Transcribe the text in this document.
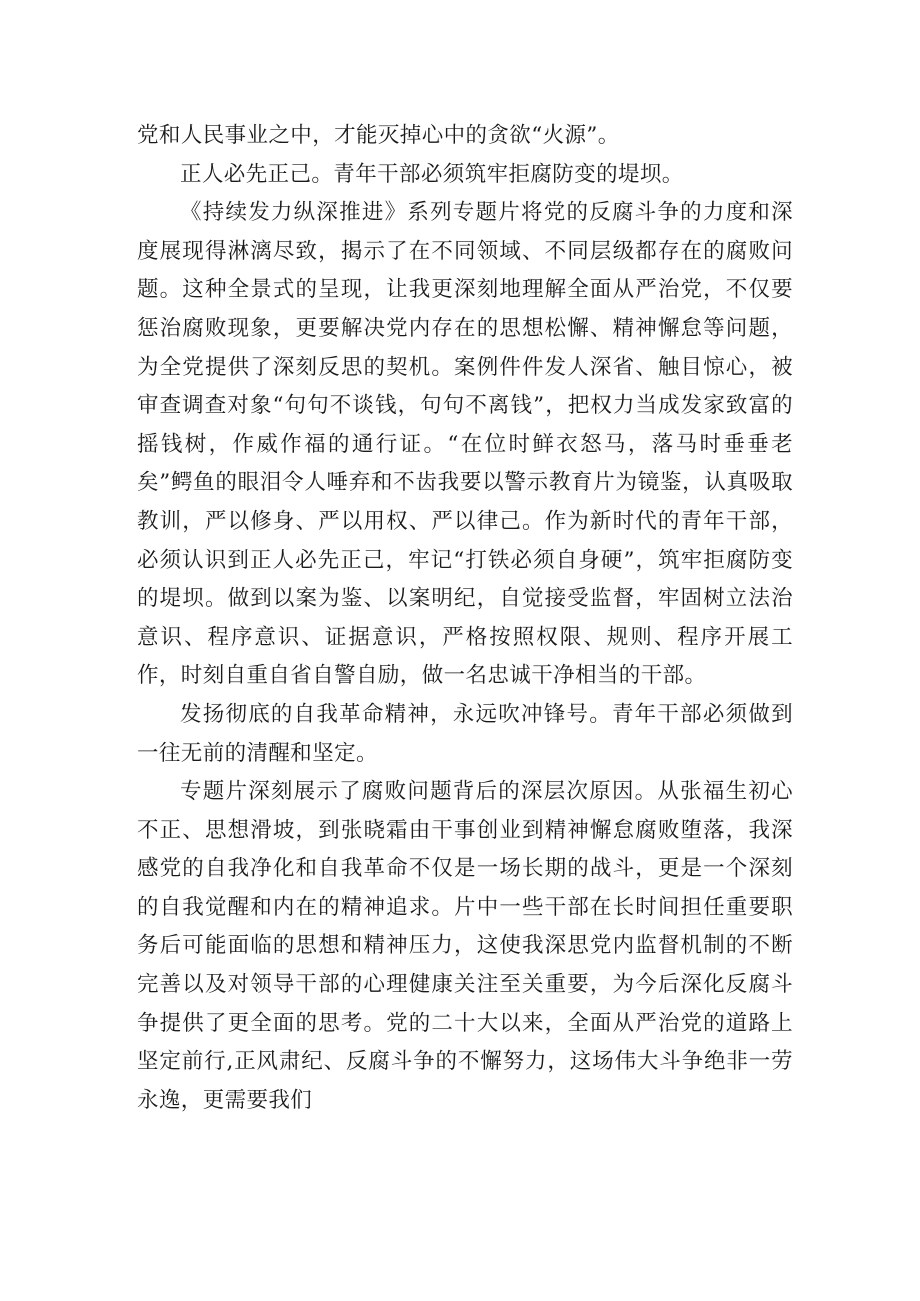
党和人民事业之中，才能灭掉心中的贪欲“火源”。

正人必先正己。青年干部必须筑牢拒腐防变的堤坝。

《持续发力纵深推进》系列专题片将党的反腐斗争的力度和深度展现得淋漓尽致，揭示了在不同领域、不同层级都存在的腐败问题。这种全景式的呈现，让我更深刻地理解全面从严治党，不仅要惩治腐败现象，更要解决党内存在的思想松懈、精神懈怠等问题，为全党提供了深刻反思的契机。案例件件发人深省、触目惊心，被审查调查对象“句句不谈钱，句句不离钱”，把权力当成发家致富的摇钱树，作威作福的通行证。“在位时鲜衣怒马，落马时垂垂老矣”鳄鱼的眼泪令人唾弃和不齿我要以警示教育片为镜鉴，认真吸取教训，严以修身、严以用权、严以律己。作为新时代的青年干部，必须认识到正人必先正己，牢记“打铁必须自身硬”，筑牢拒腐防变的堤坝。做到以案为鉴、以案明纪，自觉接受监督，牢固树立法治意识、程序意识、证据意识，严格按照权限、规则、程序开展工作，时刻自重自省自警自励，做一名忠诚干净相当的干部。

发扬彻底的自我革命精神，永远吹冲锋号。青年干部必须做到一往无前的清醒和坚定。

专题片深刻展示了腐败问题背后的深层次原因。从张福生初心不正、思想滑坡，到张晓霜由干事创业到精神懈怠腐败堕落，我深感党的自我净化和自我革命不仅是一场长期的战斗，更是一个深刻的自我觉醒和内在的精神追求。片中一些干部在长时间担任重要职务后可能面临的思想和精神压力，这使我深思党内监督机制的不断完善以及对领导干部的心理健康关注至关重要，为今后深化反腐斗争提供了更全面的思考。党的二十大以来，全面从严治党的道路上坚定前行,正风肃纪、反腐斗争的不懈努力，这场伟大斗争绝非一劳永逸，更需要我们
